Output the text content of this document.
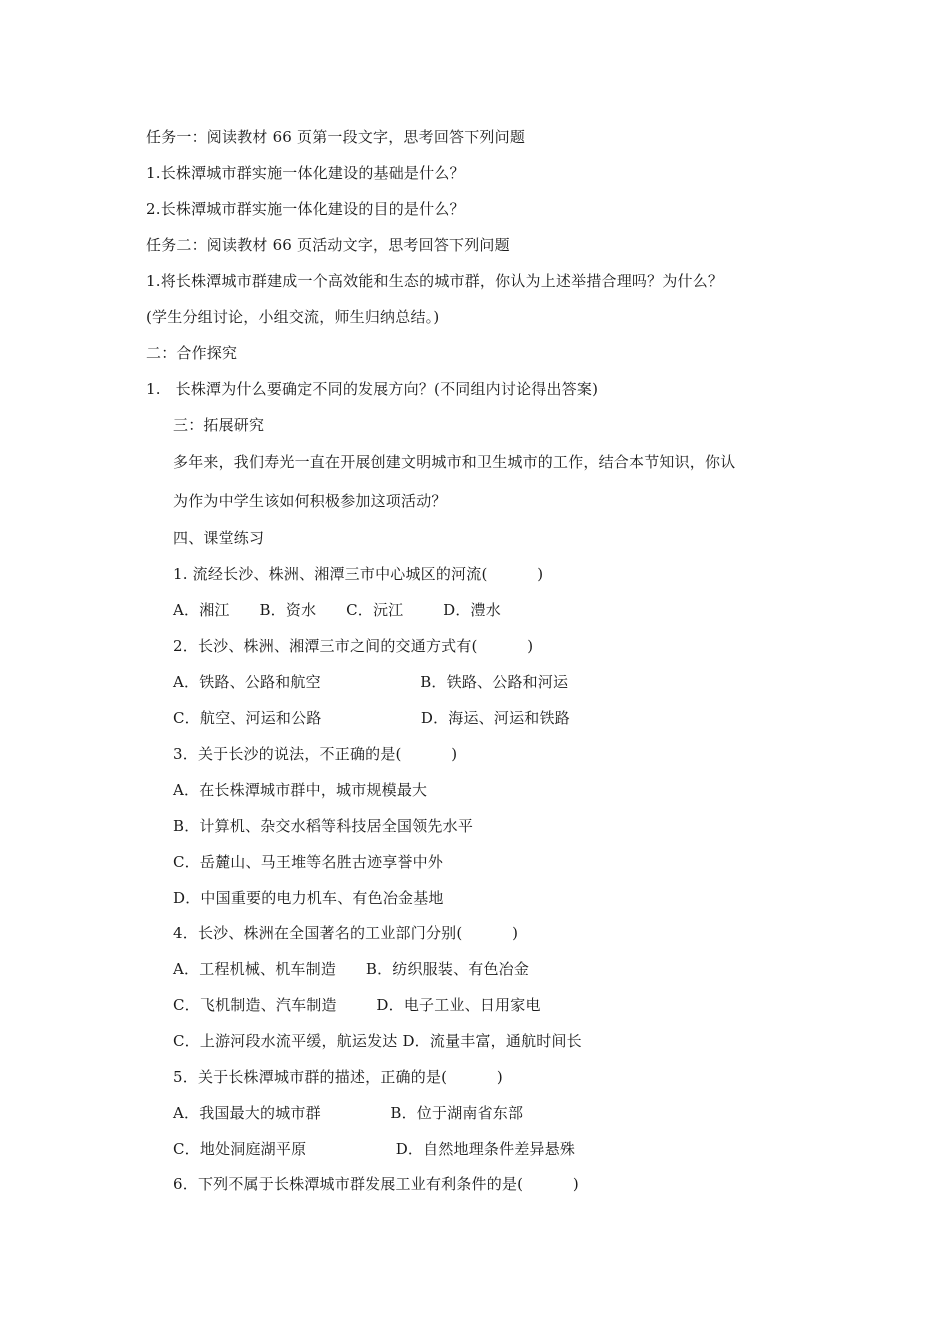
任务一：阅读教材 66 页第一段文字，思考回答下列问题
1.长株潭城市群实施一体化建设的基础是什么？
2.长株潭城市群实施一体化建设的目的是什么？
任务二：阅读教材 66 页活动文字，思考回答下列问题
1.将长株潭城市群建成一个高效能和生态的城市群，你认为上述举措合理吗？为什么？
(学生分组讨论，小组交流，师生归纳总结。)
二：合作探究
1.   长株潭为什么要确定不同的发展方向？(不同组内讨论得出答案)
三：拓展研究
多年来，我们寿光一直在开展创建文明城市和卫生城市的工作，结合本节知识，你认
为作为中学生该如何积极参加这项活动？
四、课堂练习
1. 流经长沙、株洲、湘潭三市中心城区的河流(          )
A．湘江      B．资水      C．沅江        D．澧水
2．长沙、株洲、湘潭三市之间的交通方式有(          )
A．铁路、公路和航空                    B．铁路、公路和河运
C．航空、河运和公路                    D．海运、河运和铁路
3．关于长沙的说法，不正确的是(          )
A．在长株潭城市群中，城市规模最大
B．计算机、杂交水稻等科技居全国领先水平
C．岳麓山、马王堆等名胜古迹享誉中外
D．中国重要的电力机车、有色冶金基地
4．长沙、株洲在全国著名的工业部门分别(          )
A．工程机械、机车制造      B．纺织服装、有色冶金
C．飞机制造、汽车制造        D．电子工业、日用家电
C．上游河段水流平缓，航运发达 D．流量丰富，通航时间长
5．关于长株潭城市群的描述，正确的是(          )
A．我国最大的城市群              B．位于湖南省东部
C．地处洞庭湖平原                  D．自然地理条件差异悬殊
6．下列不属于长株潭城市群发展工业有利条件的是(          )
